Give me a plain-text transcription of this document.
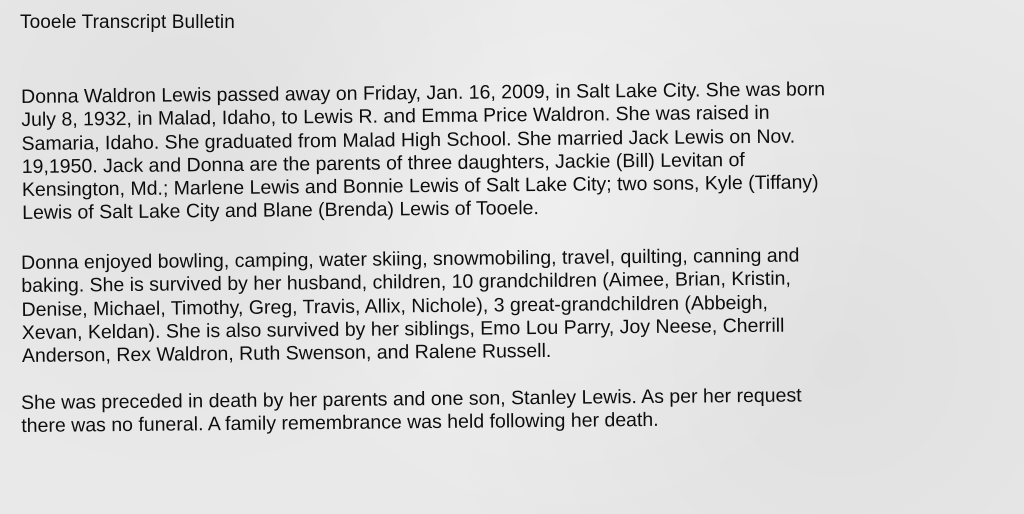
Tooele Transcript Bulletin

Donna Waldron Lewis passed away on Friday, Jan. 16, 2009, in Salt Lake City. She was born
July 8, 1932, in Malad, Idaho, to Lewis R. and Emma Price Waldron. She was raised in
Samaria, Idaho. She graduated from Malad High School. She married Jack Lewis on Nov.
19,1950. Jack and Donna are the parents of three daughters, Jackie (Bill) Levitan of
Kensington, Md.; Marlene Lewis and Bonnie Lewis of Salt Lake City; two sons, Kyle (Tiffany)
Lewis of Salt Lake City and Blane (Brenda) Lewis of Tooele.

Donna enjoyed bowling, camping, water skiing, snowmobiling, travel, quilting, canning and
baking. She is survived by her husband, children, 10 grandchildren (Aimee, Brian, Kristin,
Denise, Michael, Timothy, Greg, Travis, Allix, Nichole), 3 great-grandchildren (Abbeigh,
Xevan, Keldan). She is also survived by her siblings, Emo Lou Parry, Joy Neese, Cherrill
Anderson, Rex Waldron, Ruth Swenson, and Ralene Russell.

She was preceded in death by her parents and one son, Stanley Lewis. As per her request
there was no funeral. A family remembrance was held following her death.
